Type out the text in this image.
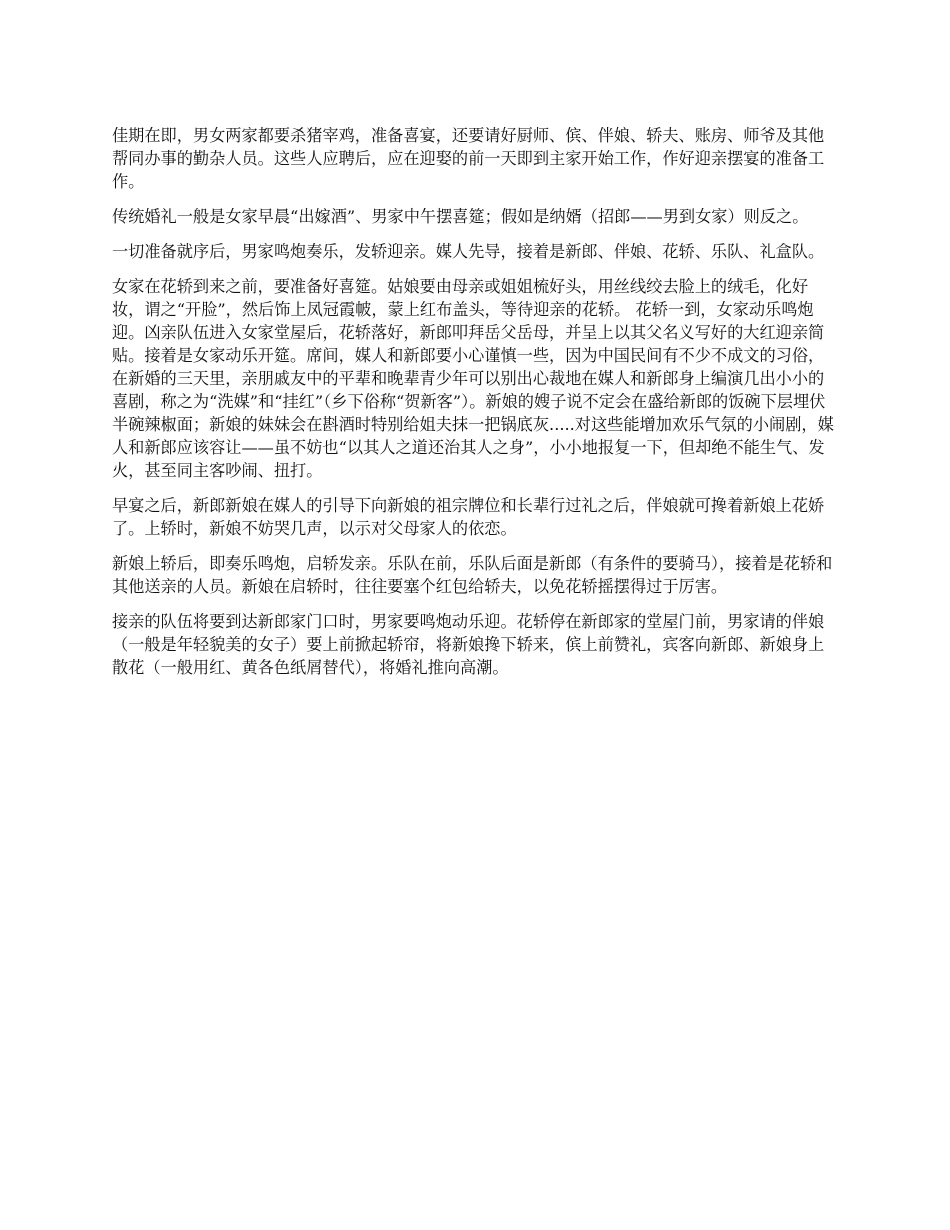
佳期在即，男女两家都要杀猪宰鸡，准备喜宴，还要请好厨师、傧、伴娘、轿夫、账房、师爷及其他帮同办事的勤杂人员。这些人应聘后，应在迎娶的前一天即到主家开始工作，作好迎亲摆宴的准备工作。

传统婚礼一般是女家早晨“出嫁酒”、男家中午摆喜筵；假如是纳婿（招郎——男到女家）则反之。

一切准备就序后，男家鸣炮奏乐，发轿迎亲。媒人先导，接着是新郎、伴娘、花轿、乐队、礼盒队。

女家在花轿到来之前，要准备好喜筵。姑娘要由母亲或姐姐梳好头，用丝线绞去脸上的绒毛，化好妆，谓之“开脸”，然后饰上凤冠霞帔，蒙上红布盖头，等待迎亲的花轿。 花轿一到，女家动乐鸣炮迎。凶亲队伍进入女家堂屋后，花轿落好，新郎叩拜岳父岳母，并呈上以其父名义写好的大红迎亲简贴。接着是女家动乐开筵。席间，媒人和新郎要小心谨慎一些，因为中国民间有不少不成文的习俗，在新婚的三天里，亲朋戚友中的平辈和晚辈青少年可以别出心裁地在媒人和新郎身上编演几出小小的喜剧，称之为“洗媒”和“挂红”（乡下俗称“贺新客”）。新娘的嫂子说不定会在盛给新郎的饭碗下层埋伏半碗辣椒面；新娘的妹妹会在斟酒时特别给姐夫抹一把锅底灰.....对这些能增加欢乐气氛的小闹剧，媒人和新郎应该容让——虽不妨也“以其人之道还治其人之身”，小小地报复一下，但却绝不能生气、发火，甚至同主客吵闹、扭打。

早宴之后，新郎新娘在媒人的引导下向新娘的祖宗牌位和长辈行过礼之后，伴娘就可搀着新娘上花娇了。上轿时，新娘不妨哭几声，以示对父母家人的依恋。

新娘上轿后，即奏乐鸣炮，启轿发亲。乐队在前，乐队后面是新郎（有条件的要骑马），接着是花轿和其他送亲的人员。新娘在启轿时，往往要塞个红包给轿夫，以免花轿摇摆得过于厉害。

接亲的队伍将要到达新郎家门口时，男家要鸣炮动乐迎。花轿停在新郎家的堂屋门前，男家请的伴娘（一般是年轻貌美的女子）要上前掀起轿帘，将新娘搀下轿来，傧上前赞礼，宾客向新郎、新娘身上散花（一般用红、黄各色纸屑替代），将婚礼推向高潮。
